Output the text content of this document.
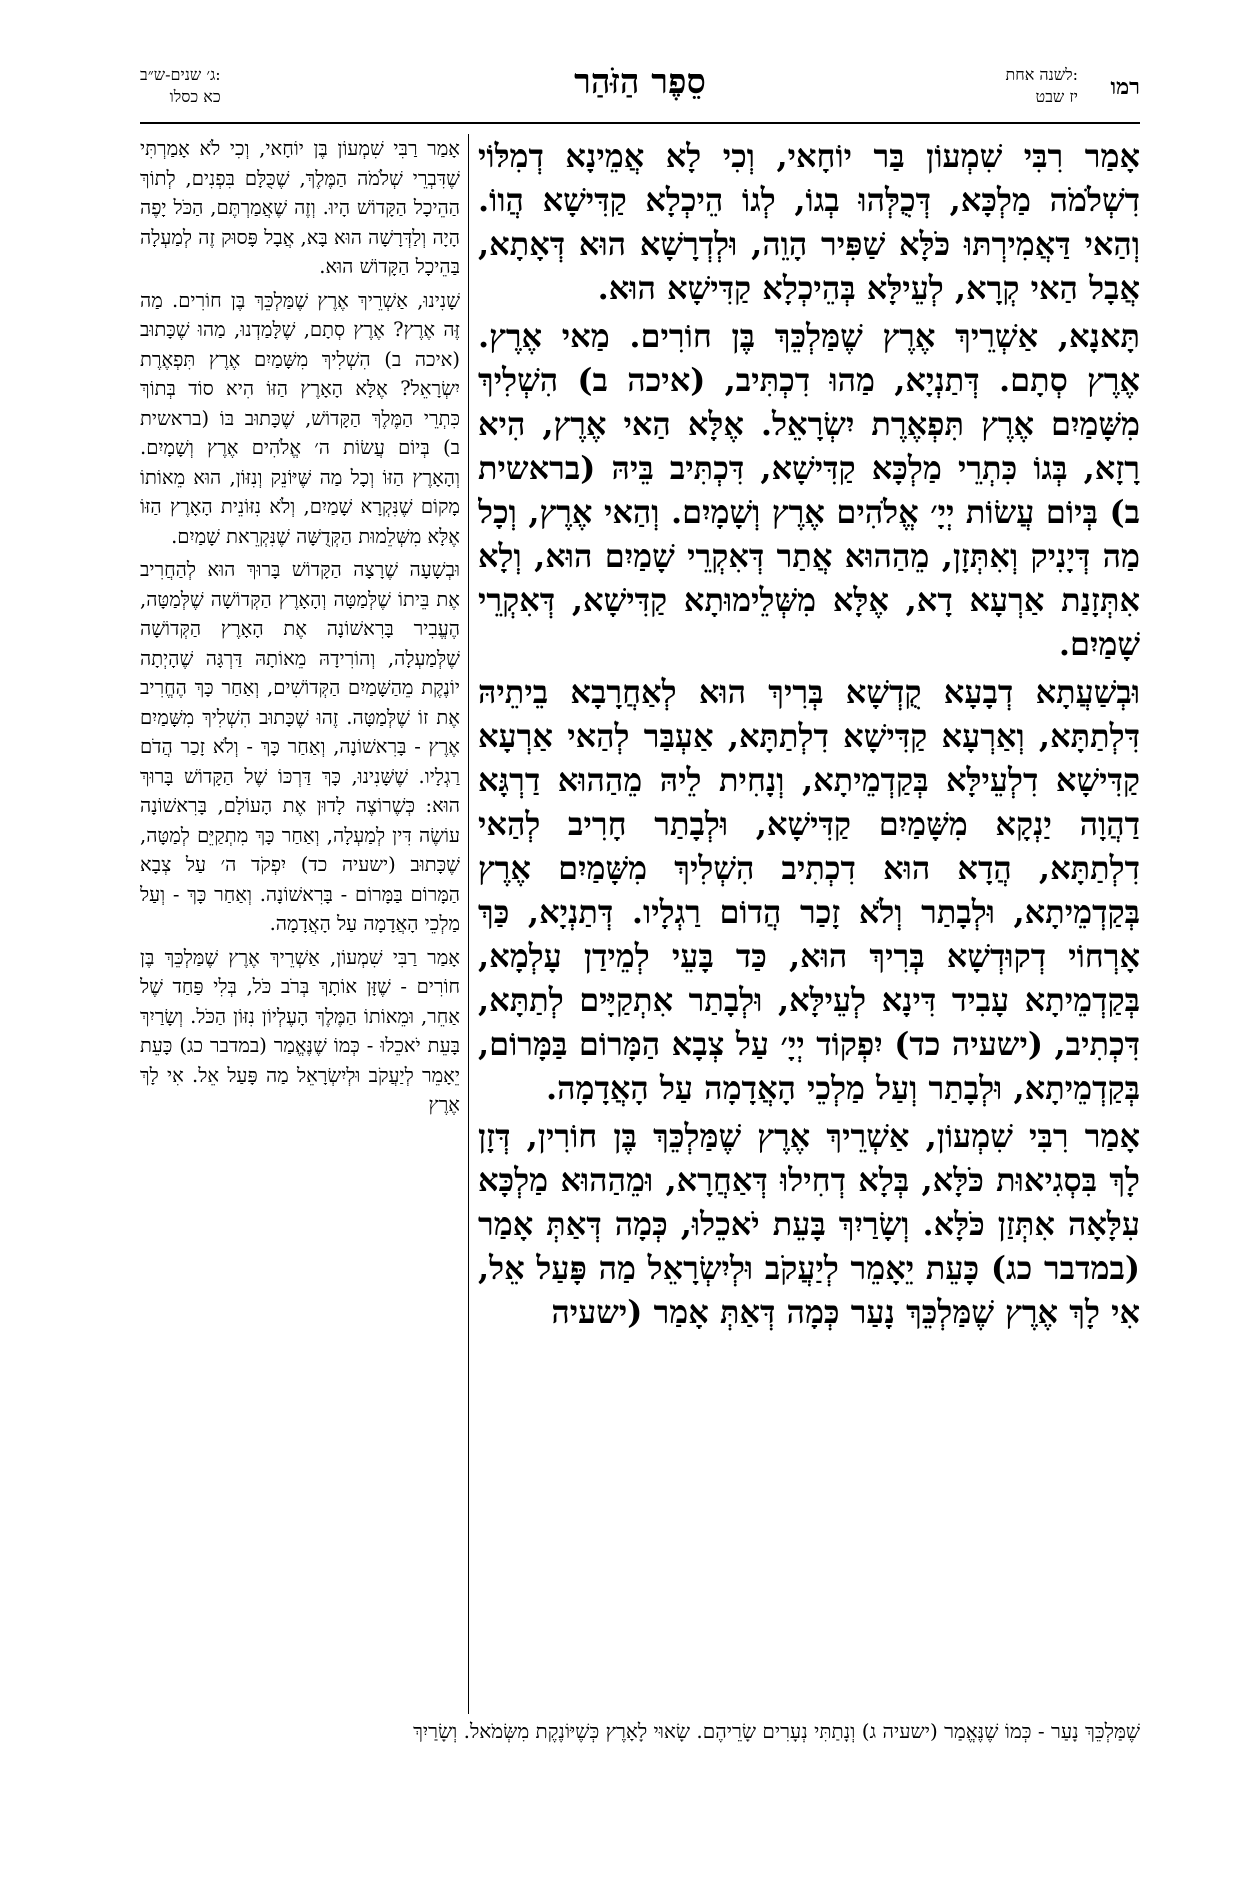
רמו
לשנה אחת:
יז שבט
סֵפֶר הַזֹּהַר
ג׳ שנים-ש״ב:
כא כסלו

אָמַר רִבִּי שִׁמְעוֹן בַּר יוֹחָאי, וְכִי לָא אֲמֵינָא דְמִלּוֹי דִשְׁלֹמֹה מַלְכָּא, דְּכֻלְּהוּ בְגוֹ, לְגוֹ הֵיכְלָא קַדִּישָׁא הֲווֹ. וְהַאי דַּאֲמִירְתּוּ כֹּלָּא שַׁפִּיר הָוֵה, וּלְדְרָשָׁא הוּא דְּאָתָא, אֲבָל הַאי קְרָא, לְעֵילָּא בְּהֵיכְלָא קַדִּישָׁא הוּא.

תָּאנָא, אַשְׁרֵיךְ אֶרֶץ שֶׁמַּלְכֵּךְ בֶּן חוֹרִים. מַאי אֶרֶץ. אֶרֶץ סְתָם. דְּתַנְיָא, מַהוּ דִכְתִּיב, (איכה ב) הִשְׁלִיךְ מִשָּׁמַיִם אֶרֶץ תִּפְאֶרֶת יִשְׂרָאֵל. אֶלָּא הַאי אֶרֶץ, הִיא רָזָא, בְּגוֹ כִּתְרֵי מַלְכָּא קַדִּישָׁא, דִּכְתִּיב בֵּיהּ (בראשית ב) בְּיוֹם עֲשׂוֹת יְיָ׳ אֱלֹהִים אֶרֶץ וְשָׁמָיִם. וְהַאי אֶרֶץ, וְכָל מַה דְּיָנִיק וְאִתְּזָן, מֵהַהוּא אֲתַר דְּאִקְרֵי שָׁמַיִם הוּא, וְלָא אִתְּזָנַת אַרְעָא דָא, אֶלָּא מִשְּׁלֵימוּתָא קַדִּישָׁא, דְּאִקְרֵי שָׁמַיִם.

וּבְשַׁעֲתָא דְבָעָא קֻדְשָׁא בְּרִיךְ הוּא לְאַחֲרָבָא בֵיתֵיהּ דִּלְתַתָּא, וְאַרְעָא קַדִּישָׁא דִלְתַתָּא, אַעְבַּר לְהַאי אַרְעָא קַדִּישָׁא דִלְעֵילָּא בְּקַדְמֵיתָא, וְנָחִית לֵיהּ מֵהַהוּא דַרְגָּא דַהֲוָה יַנְקָא מִשָּׁמַיִם קַדִּישָׁא, וּלְבָתַר חָרִיב לְהַאי דִלְתַתָּא, הֲדָא הוּא דִכְתִיב הִשְׁלִיךְ מִשָּׁמַיִם אֶרֶץ בְּקַדְמֵיתָא, וּלְבָתַר וְלֹא זָכַר הֲדוֹם רַגְלָיו. דְּתַנְיָא, כַּךְ אָרְחוֹי דְקוּדְשָׁא בְּרִיךְ הוּא, כַּד בָּעֵי לְמֵידַן עָלְמָא, בְּקַדְמֵיתָא עָבִיד דִּינָא לְעֵילָּא, וּלְבָתַר אִתְקַיָּים לְתַתָּא, דִּכְתִיב, (ישעיה כד) יִפְקוֹד יְיָ׳ עַל צְבָא הַמָּרוֹם בַּמָּרוֹם, בְּקַדְמֵיתָא, וּלְבָתַר וְעַל מַלְכֵי הָאֲדָמָה עַל הָאֲדָמָה.

אָמַר רִבִּי שִׁמְעוֹן, אַשְׁרֵיךְ אֶרֶץ שֶׁמַּלְכֵּךְ בֶּן חוֹרִין, דְּזָן לָךְ בִּסְגִיאוּת כֹּלָּא, בְּלָא דְחִילוּ דְּאַחֲרָא, וּמֵהַהוּא מַלְכָּא עִלָּאָה אִתְּזַן כֹּלָּא. וְשָׂרַיִךְ בָּעֵת יֹאכֵלוּ, כְּמָה דְּאַתְּ אָמַר (במדבר כג) כָּעֵת יֵאָמֵר לְיַעֲקֹב וּלְיִשְׂרָאֵל מַה פָּעַל אֵל, אִי לָךְ אֶרֶץ שֶׁמַּלְכֵּךְ נָעַר כְּמָה דְּאַתְּ אָמַר (ישעיה

אָמַר רַבִּי שִׁמְעוֹן בֶּן יוֹחָאי, וְכִי לֹא אָמַרְתִּי שֶׁדִּבְרֵי שְׁלֹמֹה הַמֶּלֶךְ, שֶׁכֻּלָּם בִּפְנִים, לְתוֹךְ הַהֵיכָל הַקָּדוֹשׁ הָיוּ. וְזֶה שֶׁאֲמַרְתֶּם, הַכֹּל יָפֶה הָיָה וְלַדְּרָשָׁה הוּא בָּא, אֲבָל פָּסוּק זֶה לְמַעְלָה בַּהֵיכָל הַקָּדוֹשׁ הוּא.

שָׁנִינוּ, אַשְׁרֵיךְ אֶרֶץ שֶׁמַּלְכֵּךְ בֶּן חוֹרִים. מַה זֶּה אֶרֶץ? אֶרֶץ סְתָם, שֶׁלָּמַדְנוּ, מַהוּ שֶׁכָּתוּב (איכה ב) הִשְׁלִיךְ מִשָּׁמַיִם אֶרֶץ תִּפְאֶרֶת יִשְׂרָאֵל? אֶלָּא הָאָרֶץ הַזּוֹ הִיא סוֹד בְּתוֹךְ כִּתְרֵי הַמֶּלֶךְ הַקָּדוֹשׁ, שֶׁכָּתוּב בּוֹ (בראשית ב) בְּיוֹם עֲשׂוֹת ה׳ אֱלֹהִים אֶרֶץ וְשָׁמָיִם. וְהָאָרֶץ הַזּוֹ וְכָל מַה שֶּׁיּוֹנֵק וְנִזּוֹן, הוּא מֵאוֹתוֹ מָקוֹם שֶׁנִּקְרָא שָׁמַיִם, וְלֹא נִזּוֹנֵית הָאָרֶץ הַזּוֹ אֶלָּא מִשְּׁלֵמוּת הַקְּדֻשָּׁה שֶׁנִּקְרֵאת שָׁמַיִם.

וּבְשָׁעָה שֶׁרָצָה הַקָּדוֹשׁ בָּרוּךְ הוּא לְהַחֲרִיב אֶת בֵּיתוֹ שֶׁלְּמַטָּה וְהָאָרֶץ הַקְּדוֹשָׁה שֶׁלְּמַטָּה, הֶעֱבִיר בָּרִאשׁוֹנָה אֶת הָאָרֶץ הַקְּדוֹשָׁה שֶׁלְּמַעְלָה, וְהוֹרִידָהּ מֵאוֹתָהּ דַּרְגָּה שֶׁהָיְתָה יוֹנֶקֶת מֵהַשָּׁמַיִם הַקְּדוֹשִׁים, וְאַחַר כָּךְ הֶחֱרִיב אֶת זוֹ שֶׁלְּמַטָּה. זֶהוּ שֶׁכָּתוּב הִשְׁלִיךְ מִשָּׁמַיִם אֶרֶץ - בָּרִאשׁוֹנָה, וְאַחַר כָּךְ - וְלֹא זָכַר הֲדֹם רַגְלָיו. שֶׁשָּׁנִינוּ, כָּךְ דַּרְכּוֹ שֶׁל הַקָּדוֹשׁ בָּרוּךְ הוּא: כְּשֶׁרוֹצֶה לָדוּן אֶת הָעוֹלָם, בָּרִאשׁוֹנָה עוֹשֶׂה דִּין לְמַעְלָה, וְאַחַר כָּךְ מִתְקַיֵּם לְמַטָּה, שֶׁכָּתוּב (ישעיה כד) יִפְקֹד ה׳ עַל צְבָא הַמָּרוֹם בַּמָּרוֹם - בָּרִאשׁוֹנָה. וְאַחַר כָּךְ - וְעַל מַלְכֵי הָאֲדָמָה עַל הָאֲדָמָה.

אָמַר רַבִּי שִׁמְעוֹן, אַשְׁרֵיךְ אֶרֶץ שֶׁמַּלְכֵּךְ בֶּן חוֹרִים - שֶׁזָּן אוֹתָךְ בְּרֹב כֹּל, בְּלִי פַּחַד שֶׁל אַחֵר, וּמֵאוֹתוֹ הַמֶּלֶךְ הָעֶלְיוֹן נִזּוֹן הַכֹּל. וְשָׂרַיִךְ בָּעֵת יֹאכֵלוּ - כְּמוֹ שֶׁנֶּאֱמַר (במדבר כג) כָּעֵת יֵאָמֵר לְיַעֲקֹב וּלְיִשְׂרָאֵל מַה פָּעַל אֵל. אִי לָךְ אֶרֶץ

שֶׁמַּלְכֵּךְ נָעַר - כְּמוֹ שֶׁנֶּאֱמַר (ישעיה ג) וְנָתַתִּי נְעָרִים שָׂרֵיהֶם. שָׂאוּי לָאָרֶץ כְּשֶׁיּוֹנֶקֶת מִשְּׂמֹאל. וְשָׂרַיִךְ
